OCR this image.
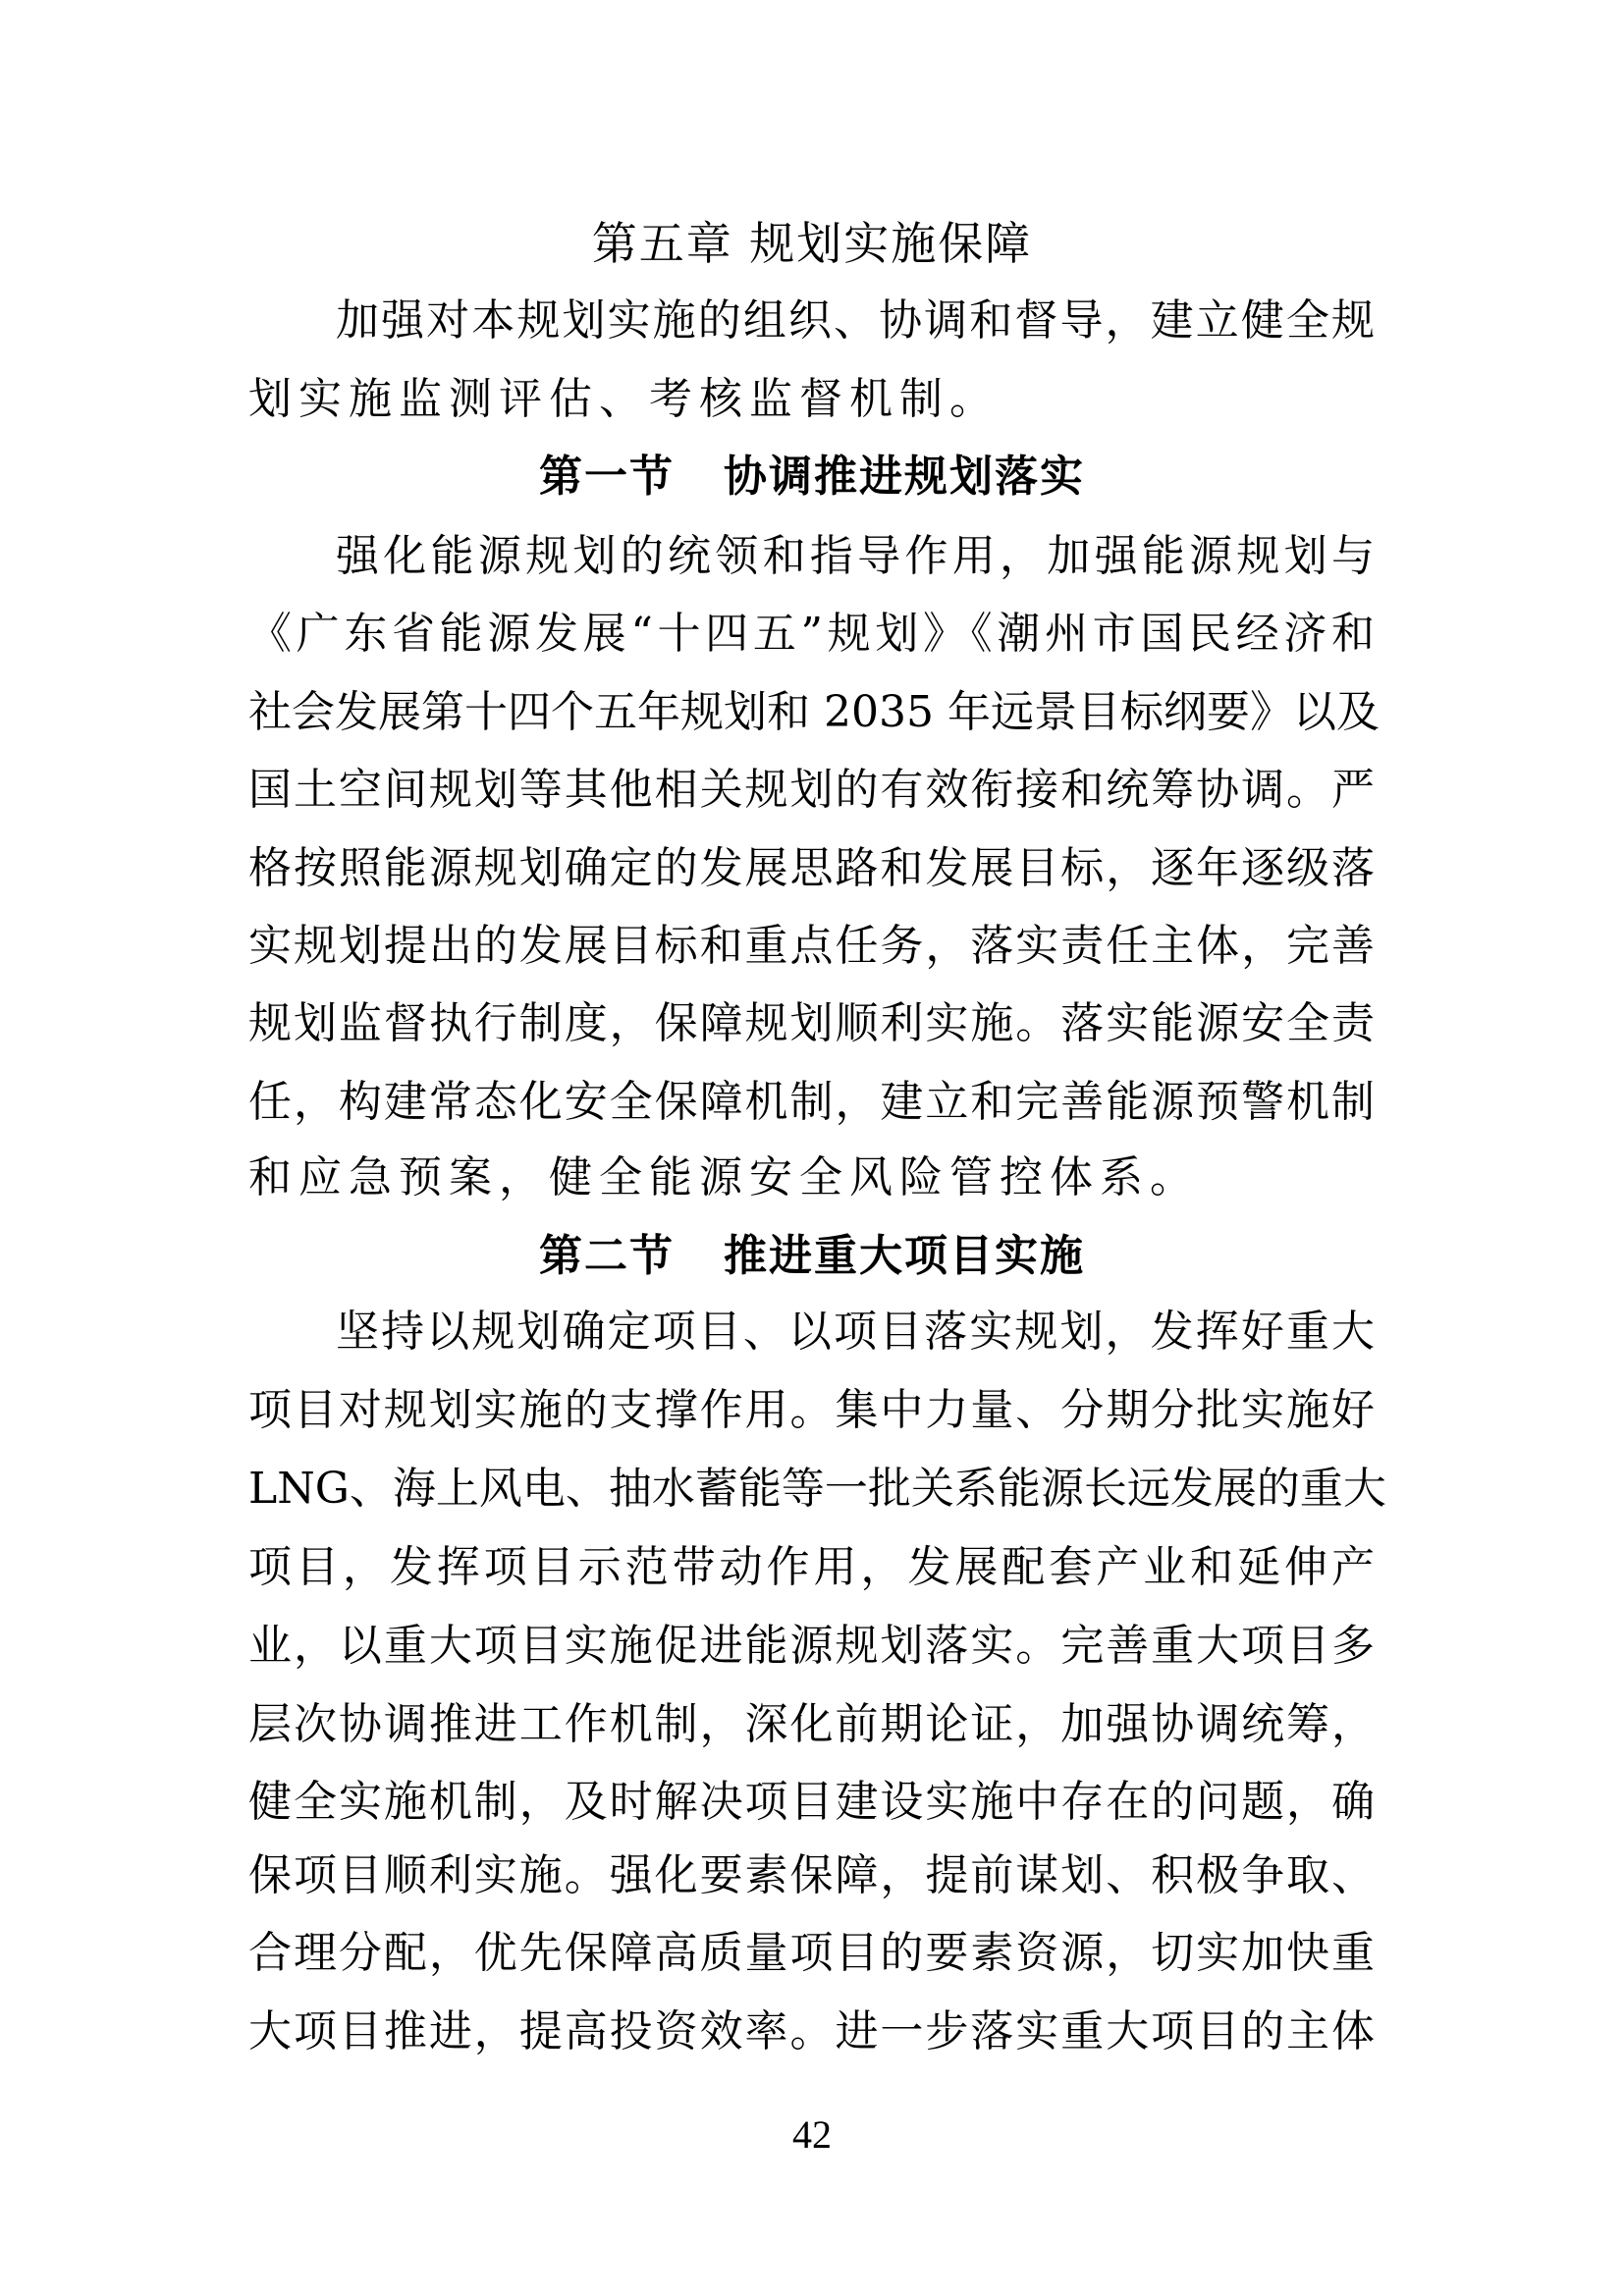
第五章 规划实施保障
加强对本规划实施的组织、协调和督导，建立健全规
划实施监测评估、考核监督机制。
第一节 协调推进规划落实
强化能源规划的统领和指导作用，加强能源规划与
《广东省能源发展“十四五”规划》《潮州市国民经济和
社会发展第十四个五年规划和 2035 年远景目标纲要》以及
国土空间规划等其他相关规划的有效衔接和统筹协调。严
格按照能源规划确定的发展思路和发展目标，逐年逐级落
实规划提出的发展目标和重点任务，落实责任主体，完善
规划监督执行制度，保障规划顺利实施。落实能源安全责
任，构建常态化安全保障机制，建立和完善能源预警机制
和应急预案，健全能源安全风险管控体系。
第二节 推进重大项目实施
坚持以规划确定项目、以项目落实规划，发挥好重大
项目对规划实施的支撑作用。集中力量、分期分批实施好
LNG、海上风电、抽水蓄能等一批关系能源长远发展的重大
项目，发挥项目示范带动作用，发展配套产业和延伸产
业，以重大项目实施促进能源规划落实。完善重大项目多
层次协调推进工作机制，深化前期论证，加强协调统筹，
健全实施机制，及时解决项目建设实施中存在的问题，确
保项目顺利实施。强化要素保障，提前谋划、积极争取、
合理分配，优先保障高质量项目的要素资源，切实加快重
大项目推进，提高投资效率。进一步落实重大项目的主体
42
